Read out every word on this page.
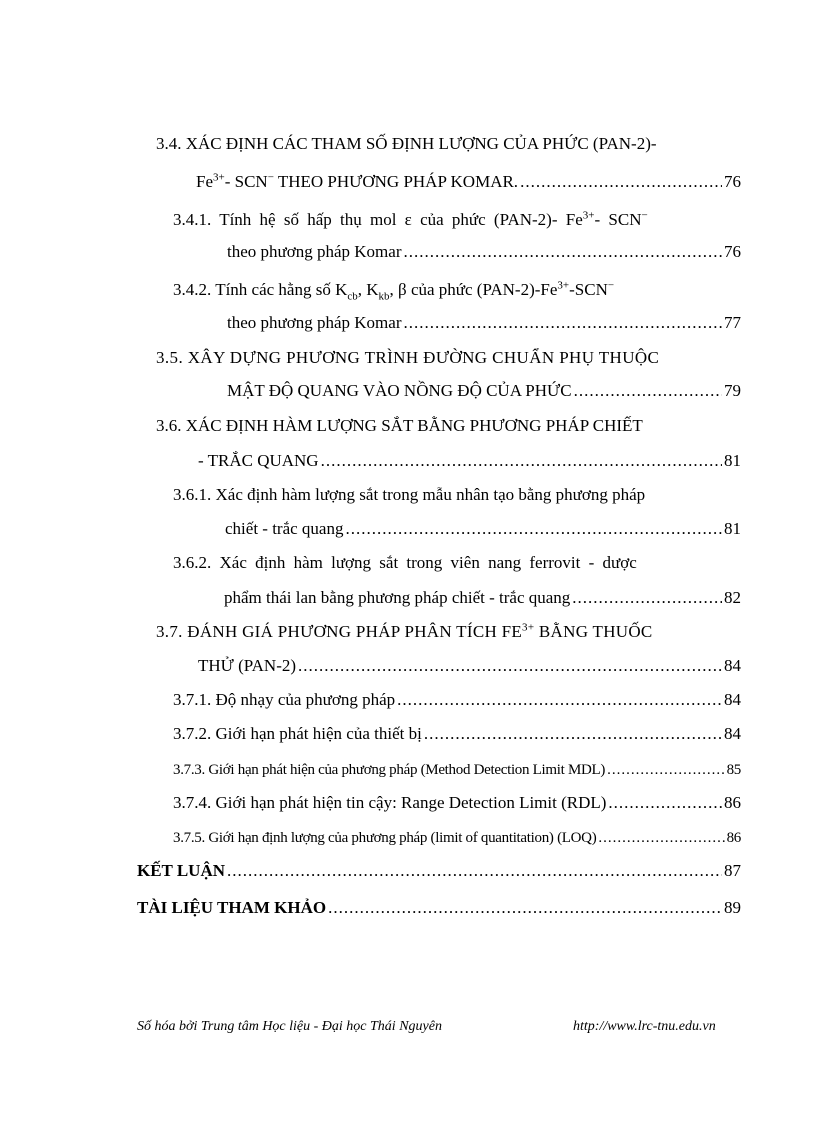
3.4. XÁC ĐỊNH CÁC THAM SỐ ĐỊNH LƯỢNG CỦA PHỨC (PAN-2)-
$Fe^{3+}-$ SCN− THEO PHƯƠNG PHÁP KOMAR. .....	76
3.4.1. Tính hệ số hấp thụ mol ε của phức (PAN-2)- $Fe^{3+}-$ SCN−
theo phương pháp Komar .....	76
3.4.2. Tính các hằng số $K_{cb}$, $K_{kb}$, β của phức $(PAN-2)-Fe^{3+}-SCN^-$
theo phương pháp Komar .....	77
3.5. XÂY DỰNG PHƯƠNG TRÌNH ĐƯỜNG CHUẨN PHỤ THUỘC
MẬT ĐỘ QUANG VÀO NỒNG ĐỘ CỦA PHỨC .....	79
3.6. XÁC ĐỊNH HÀM LƯỢNG SẮT BẰNG PHƯƠNG PHÁP CHIẾT
- TRẮC QUANG .....	81
3.6.1. Xác định hàm lượng sắt trong mẫu nhân tạo bằng phương pháp
chiết - trắc quang .....	81
3.6.2. Xác định hàm lượng sắt trong viên nang ferrovit - dược
phẩm thái lan bằng phương pháp chiết - trắc quang .....	82
3.7. ĐÁNH GIÁ PHƯƠNG PHÁP PHÂN TÍCH $FE^{3+}$ BẰNG THUỐC
THỬ (PAN-2) .....	84
3.7.1. Độ nhạy của phương pháp .....	84
3.7.2. Giới hạn phát hiện của thiết bị .....	84
3.7.3. Giới hạn phát hiện của phương pháp (Method Detection Limit MDL) .....	85
3.7.4. Giới hạn phát hiện tin cậy: Range Detection Limit (RDL) .....	86
3.7.5. Giới hạn định lượng của phương pháp (limit of quantitation) (LOQ) .....	86
KẾT LUẬN .....	87
TÀI LIỆU THAM KHẢO .....	89
Số hóa bởi Trung tâm Học liệu - Đại học Thái Nguyên	http://www.lrc-tnu.edu.vn
